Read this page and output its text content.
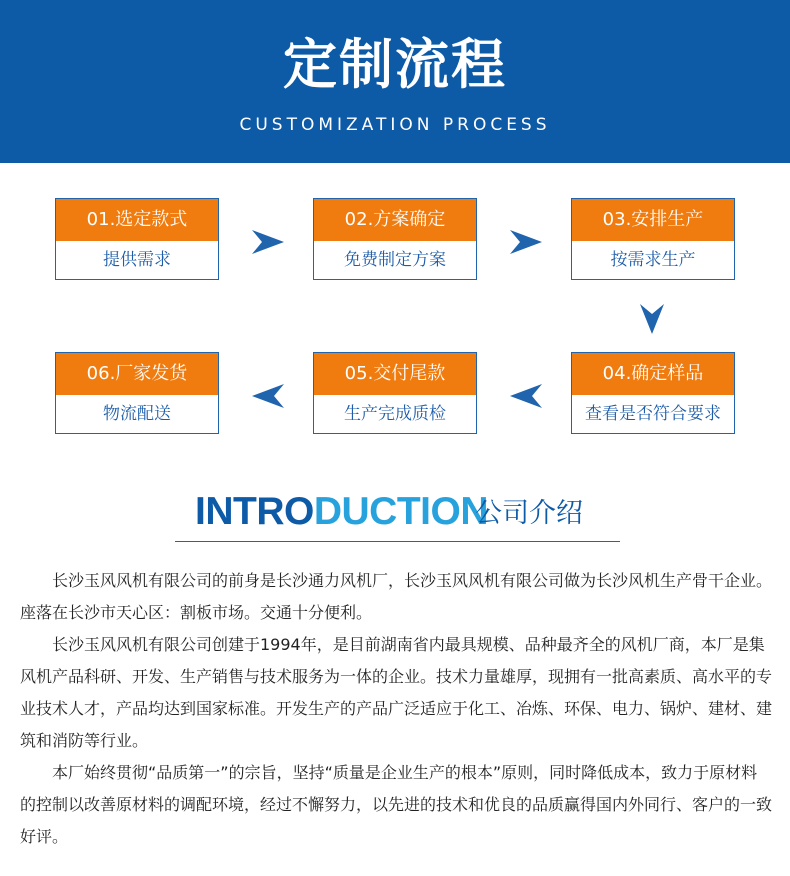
定制流程
CUSTOMIZATION PROCESS
01.选定款式
提供需求
02.方案确定
免费制定方案
03.安排生产
按需求生产
04.确定样品
查看是否符合要求
05.交付尾款
生产完成质检
06.厂家发货
物流配送
INTRODUCTION
公司介绍

长沙玉风风机有限公司的前身是长沙通力风机厂，长沙玉风风机有限公司做为长沙风机生产骨干企业。座落在长沙市天心区：割板市场。交通十分便利。

长沙玉风风机有限公司创建于1994年，是目前湖南省内最具规模、品种最齐全的风机厂商，本厂是集风机产品科研、开发、生产销售与技术服务为一体的企业。技术力量雄厚，现拥有一批高素质、高水平的专业技术人才，产品均达到国家标准。开发生产的产品广泛适应于化工、冶炼、环保、电力、锅炉、建材、建筑和消防等行业。

本厂始终贯彻“品质第一”的宗旨，坚持“质量是企业生产的根本”原则，同时降低成本，致力于原材料的控制以改善原材料的调配环境，经过不懈努力，以先进的技术和优良的品质赢得国内外同行、客户的一致好评。
